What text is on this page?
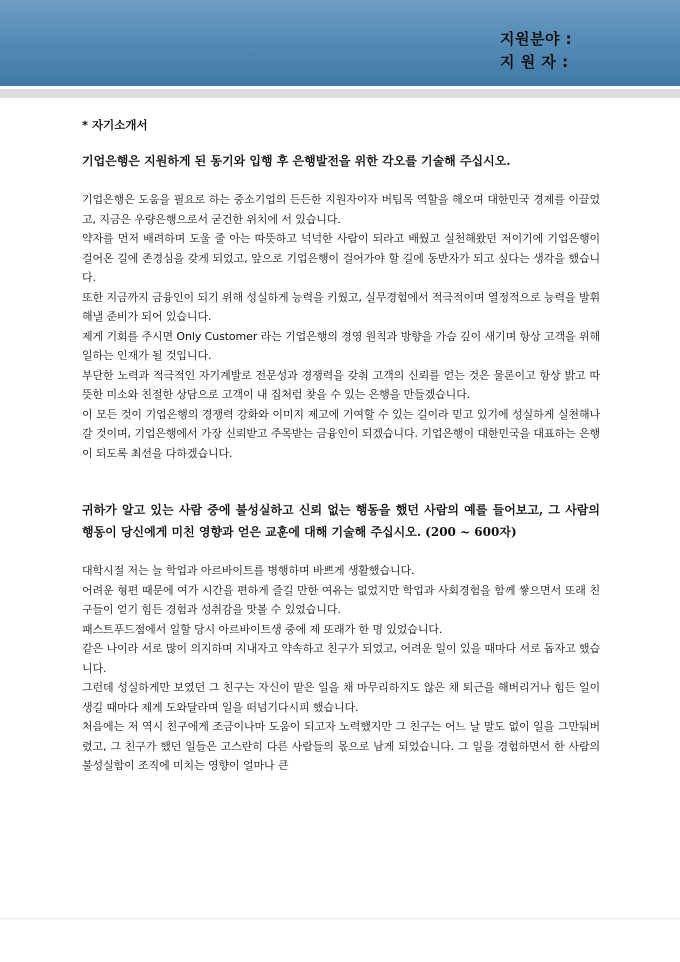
지원분야 :
지 원 자 :
* 자기소개서
기업은행은 지원하게 된 동기와 입행 후 은행발전을 위한 각오를 기술해 주십시오.

기업은행은 도움을 필요로 하는 중소기업의 든든한 지원자이자 버팀목 역할을 해오며 대한민국 경제를 이끌었고, 지금은 우량은행으로서 굳건한 위치에 서 있습니다.

약자를 먼저 배려하며 도울 줄 아는 따뜻하고 넉넉한 사람이 되라고 배웠고 실천해왔던 저이기에 기업은행이 걸어온 길에 존경심을 갖게 되었고, 앞으로 기업은행이 걸어가야 할 길에 동반자가 되고 싶다는 생각을 했습니다.

또한 지금까지 금융인이 되기 위해 성실하게 능력을 키웠고, 실무경험에서 적극적이며 열정적으로 능력을 발휘해낼 준비가 되어 있습니다.

제게 기회를 주시면 Only Customer 라는 기업은행의 경영 원칙과 방향을 가슴 깊이 새기며 항상 고객을 위해 일하는 인재가 될 것입니다.

부단한 노력과 적극적인 자기계발로 전문성과 경쟁력을 갖춰 고객의 신뢰를 얻는 것은 물론이고 항상 밝고 따뜻한 미소와 친절한 상담으로 고객이 내 집처럼 찾을 수 있는 은행을 만들겠습니다.

이 모든 것이 기업은행의 경쟁력 강화와 이미지 제고에 기여할 수 있는 길이라 믿고 있기에 성실하게 실천해나갈 것이며, 기업은행에서 가장 신뢰받고 주목받는 금융인이 되겠습니다. 기업은행이 대한민국을 대표하는 은행이 되도록 최선을 다하겠습니다.

귀하가 알고 있는 사람 중에 불성실하고 신뢰 없는 행동을 했던 사람의 예를 들어보고, 그 사람의 행동이 당신에게 미친 영향과 얻은 교훈에 대해 기술해 주십시오. (200 ~ 600자)

대학시절 저는 늘 학업과 아르바이트를 병행하며 바쁘게 생활했습니다.

어려운 형편 때문에 여가 시간을 편하게 즐길 만한 여유는 없었지만 학업과 사회경험을 함께 쌓으면서 또래 친구들이 얻기 힘든 경험과 성취감을 맛볼 수 있었습니다.

패스트푸드점에서 일할 당시 아르바이트생 중에 제 또래가 한 명 있었습니다.

같은 나이라 서로 많이 의지하며 지내자고 약속하고 친구가 되었고, 어려운 일이 있을 때마다 서로 돕자고 했습니다.

그런데 성실하게만 보였던 그 친구는 자신이 맡은 일을 채 마무리하지도 않은 채 퇴근을 해버리거나 힘든 일이 생길 때마다 제게 도와달라며 일을 떠넘기다시피 했습니다.

처음에는 저 역시 친구에게 조금이나마 도움이 되고자 노력했지만 그 친구는 어느 날 말도 없이 일을 그만둬버렸고, 그 친구가 했던 일들은 고스란히 다른 사람들의 몫으로 남게 되었습니다. 그 일을 경험하면서 한 사람의 불성실함이 조직에 미치는 영향이 얼마나 큰
